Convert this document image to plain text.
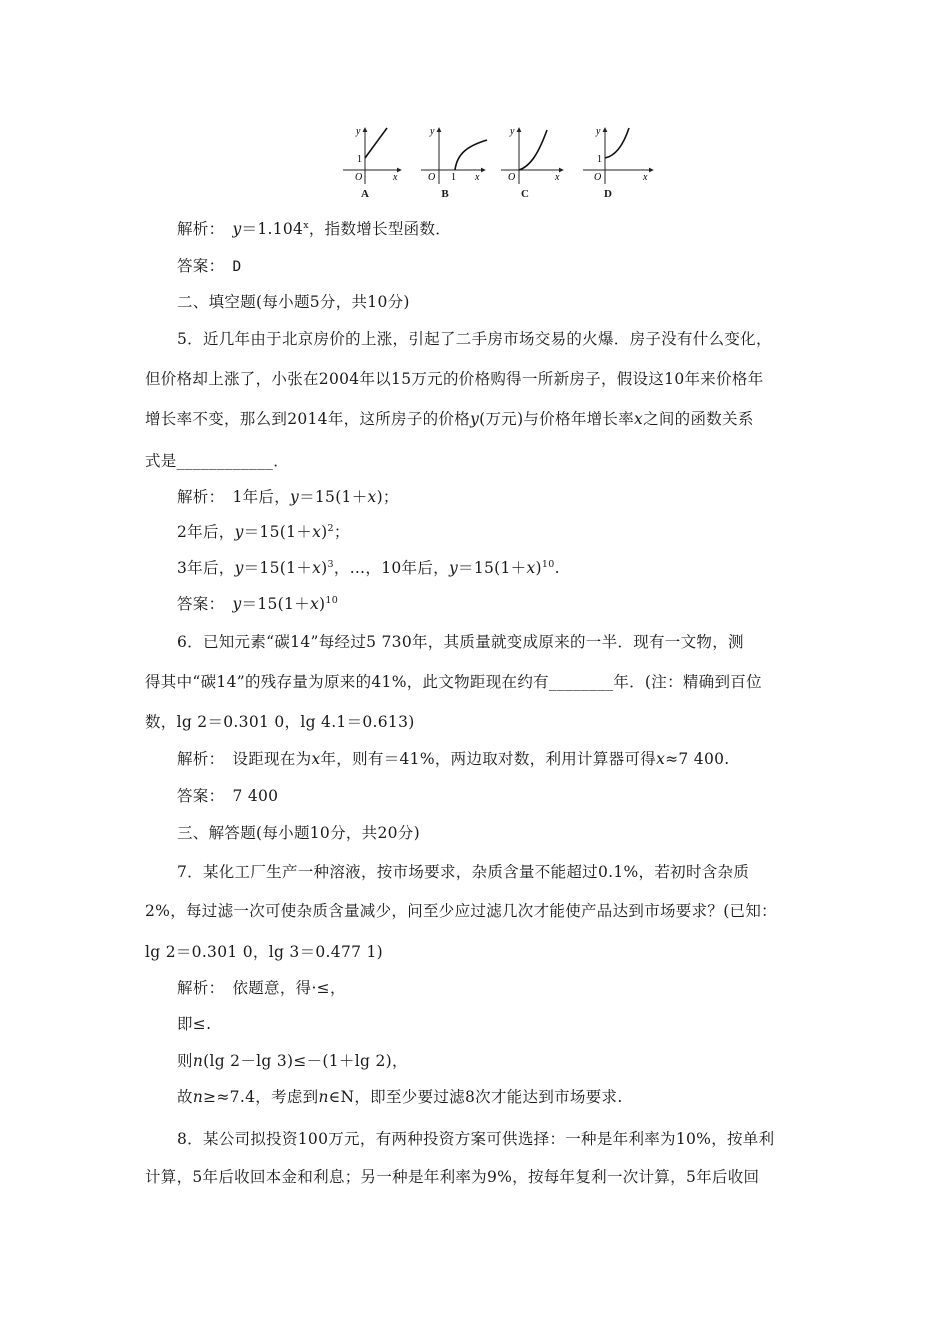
y
1
O	x
y
O 1 x
y
O	x
y
1
O	x
A	B	C	D
解析：　$y=1.104^x$，指数增长型函数．
答案：　D
二、填空题(每小题5分，共10分)
5．近几年由于北京房价的上涨，引起了二手房市场交易的火爆．房子没有什么变化，
但价格却上涨了，小张在2004年以15万元的价格购得一所新房子，假设这10年来价格年
增长率不变，那么到2014年，这所房子的价格y(万元)与价格年增长率x之间的函数关系
式是____________．
解析：　1年后，y＝15(1＋x)；
2年后，$y=15(1+x)^2$；
3年后，$y=15(1+x)^3$，…，10年后，$y=15(1+x)^{10}$.
答案：　$y=15(1+x)^{10}$
6．已知元素“碳14”每经过5 730年，其质量就变成原来的一半．现有一文物，测
得其中“碳14”的残存量为原来的41%，此文物距现在约有________年．(注：精确到百位
数，lg 2＝0.301 0，lg 4.1＝0.613)
解析：　设距现在为x年，则有＝41%，两边取对数，利用计算器可得x≈7 400.
答案：　7 400
三、解答题(每小题10分，共20分)
7．某化工厂生产一种溶液，按市场要求，杂质含量不能超过0.1%，若初时含杂质
2%，每过滤一次可使杂质含量减少，问至少应过滤几次才能使产品达到市场要求？(已知：
lg 2＝0.301 0，lg 3＝0.477 1)
解析：　依题意，得·≤，
即≤.
则n(lg 2－lg 3)≤－(1＋lg 2)，
故n≥≈7.4，考虑到n∈N，即至少要过滤8次才能达到市场要求.
8．某公司拟投资100万元，有两种投资方案可供选择：一种是年利率为10%，按单利
计算，5年后收回本金和利息；另一种是年利率为9%，按每年复利一次计算，5年后收回
